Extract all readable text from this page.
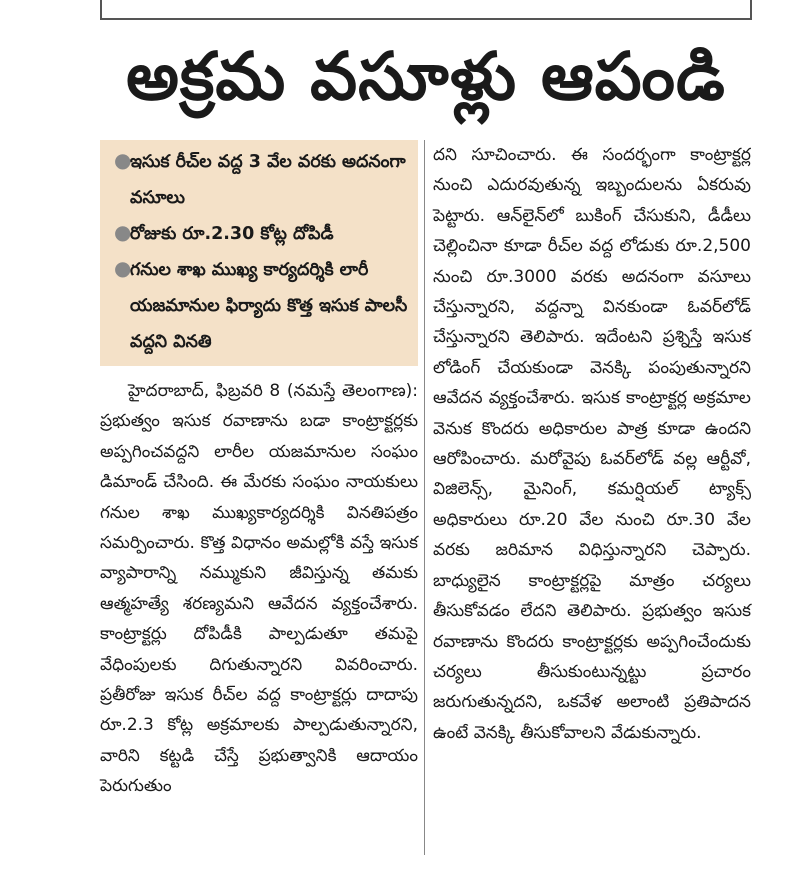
అక్రమ వసూళ్లు ఆపండి
●

ఇసుక రీచ్‌ల వద్ద 3 వేల వరకు అదనంగా వసూలు

●

రోజుకు రూ.2.30 కోట్ల దోపిడీ

●

గనుల శాఖ ముఖ్య కార్యదర్శికి లారీ యజమానుల ఫిర్యాదు కొత్త ఇసుక పాలసీ వద్దని వినతి

హైదరాబాద్, ఫిబ్రవరి 8 (నమస్తే తెలంగాణ): ప్రభుత్వం ఇసుక రవాణాను బడా కాంట్రాక్టర్లకు అప్పగించవద్దని లారీల యజమానుల సంఘం డిమాండ్ చేసింది. ఈ మేరకు సంఘం నాయకులు గనుల శాఖ ముఖ్యకార్యదర్శికి వినతిపత్రం సమర్పించారు. కొత్త విధానం అమల్లోకి వస్తే ఇసుక వ్యాపారాన్ని నమ్ముకుని జీవిస్తున్న తమకు ఆత్మహత్యే శరణ్యమని ఆవేదన వ్యక్తంచేశారు. కాంట్రాక్టర్లు దోపిడీకి పాల్పడుతూ తమపై వేధింపులకు దిగుతున్నారని వివరించారు. ప్రతీరోజు ఇసుక రీచ్‌ల వద్ద కాంట్రాక్టర్లు దాదాపు రూ.2.3 కోట్ల అక్రమాలకు పాల్పడుతున్నారని, వారిని కట్టడి చేస్తే ప్రభుత్వానికి ఆదాయం పెరుగుతుం

దని సూచించారు. ఈ సందర్భంగా కాంట్రాక్టర్ల నుంచి ఎదురవుతున్న ఇబ్బందులను ఏకరువు పెట్టారు. ఆన్‌లైన్‌లో బుకింగ్ చేసుకుని, డీడీలు చెల్లించినా కూడా రీచ్‌ల వద్ద లోడుకు రూ.2,500 నుంచి రూ.3000 వరకు అదనంగా వసూలు చేస్తున్నారని, వద్దన్నా వినకుండా ఓవర్‌లోడ్ చేస్తున్నారని తెలిపారు. ఇదేంటని ప్రశ్నిస్తే ఇసుక లోడింగ్ చేయకుండా వెనక్కి పంపుతున్నారని ఆవేదన వ్యక్తంచేశారు. ఇసుక కాంట్రాక్టర్ల అక్రమాల వెనుక కొందరు అధికారుల పాత్ర కూడా ఉందని ఆరోపించారు. మరోవైపు ఓవర్‌లోడ్ వల్ల ఆర్టీవో, విజిలెన్స్, మైనింగ్, కమర్షియల్ ట్యాక్స్ అధికారులు రూ.20 వేల నుంచి రూ.30 వేల వరకు జరిమాన విధిస్తున్నారని చెప్పారు. బాధ్యులైన కాంట్రాక్టర్లపై మాత్రం చర్యలు తీసుకోవడం లేదని తెలిపారు. ప్రభుత్వం ఇసుక రవాణాను కొందరు కాంట్రాక్టర్లకు అప్పగించేందుకు చర్యలు తీసుకుంటున్నట్టు ప్రచారం జరుగుతున్నదని, ఒకవేళ అలాంటి ప్రతిపాదన ఉంటే వెనక్కి తీసుకోవాలని వేడుకున్నారు.
